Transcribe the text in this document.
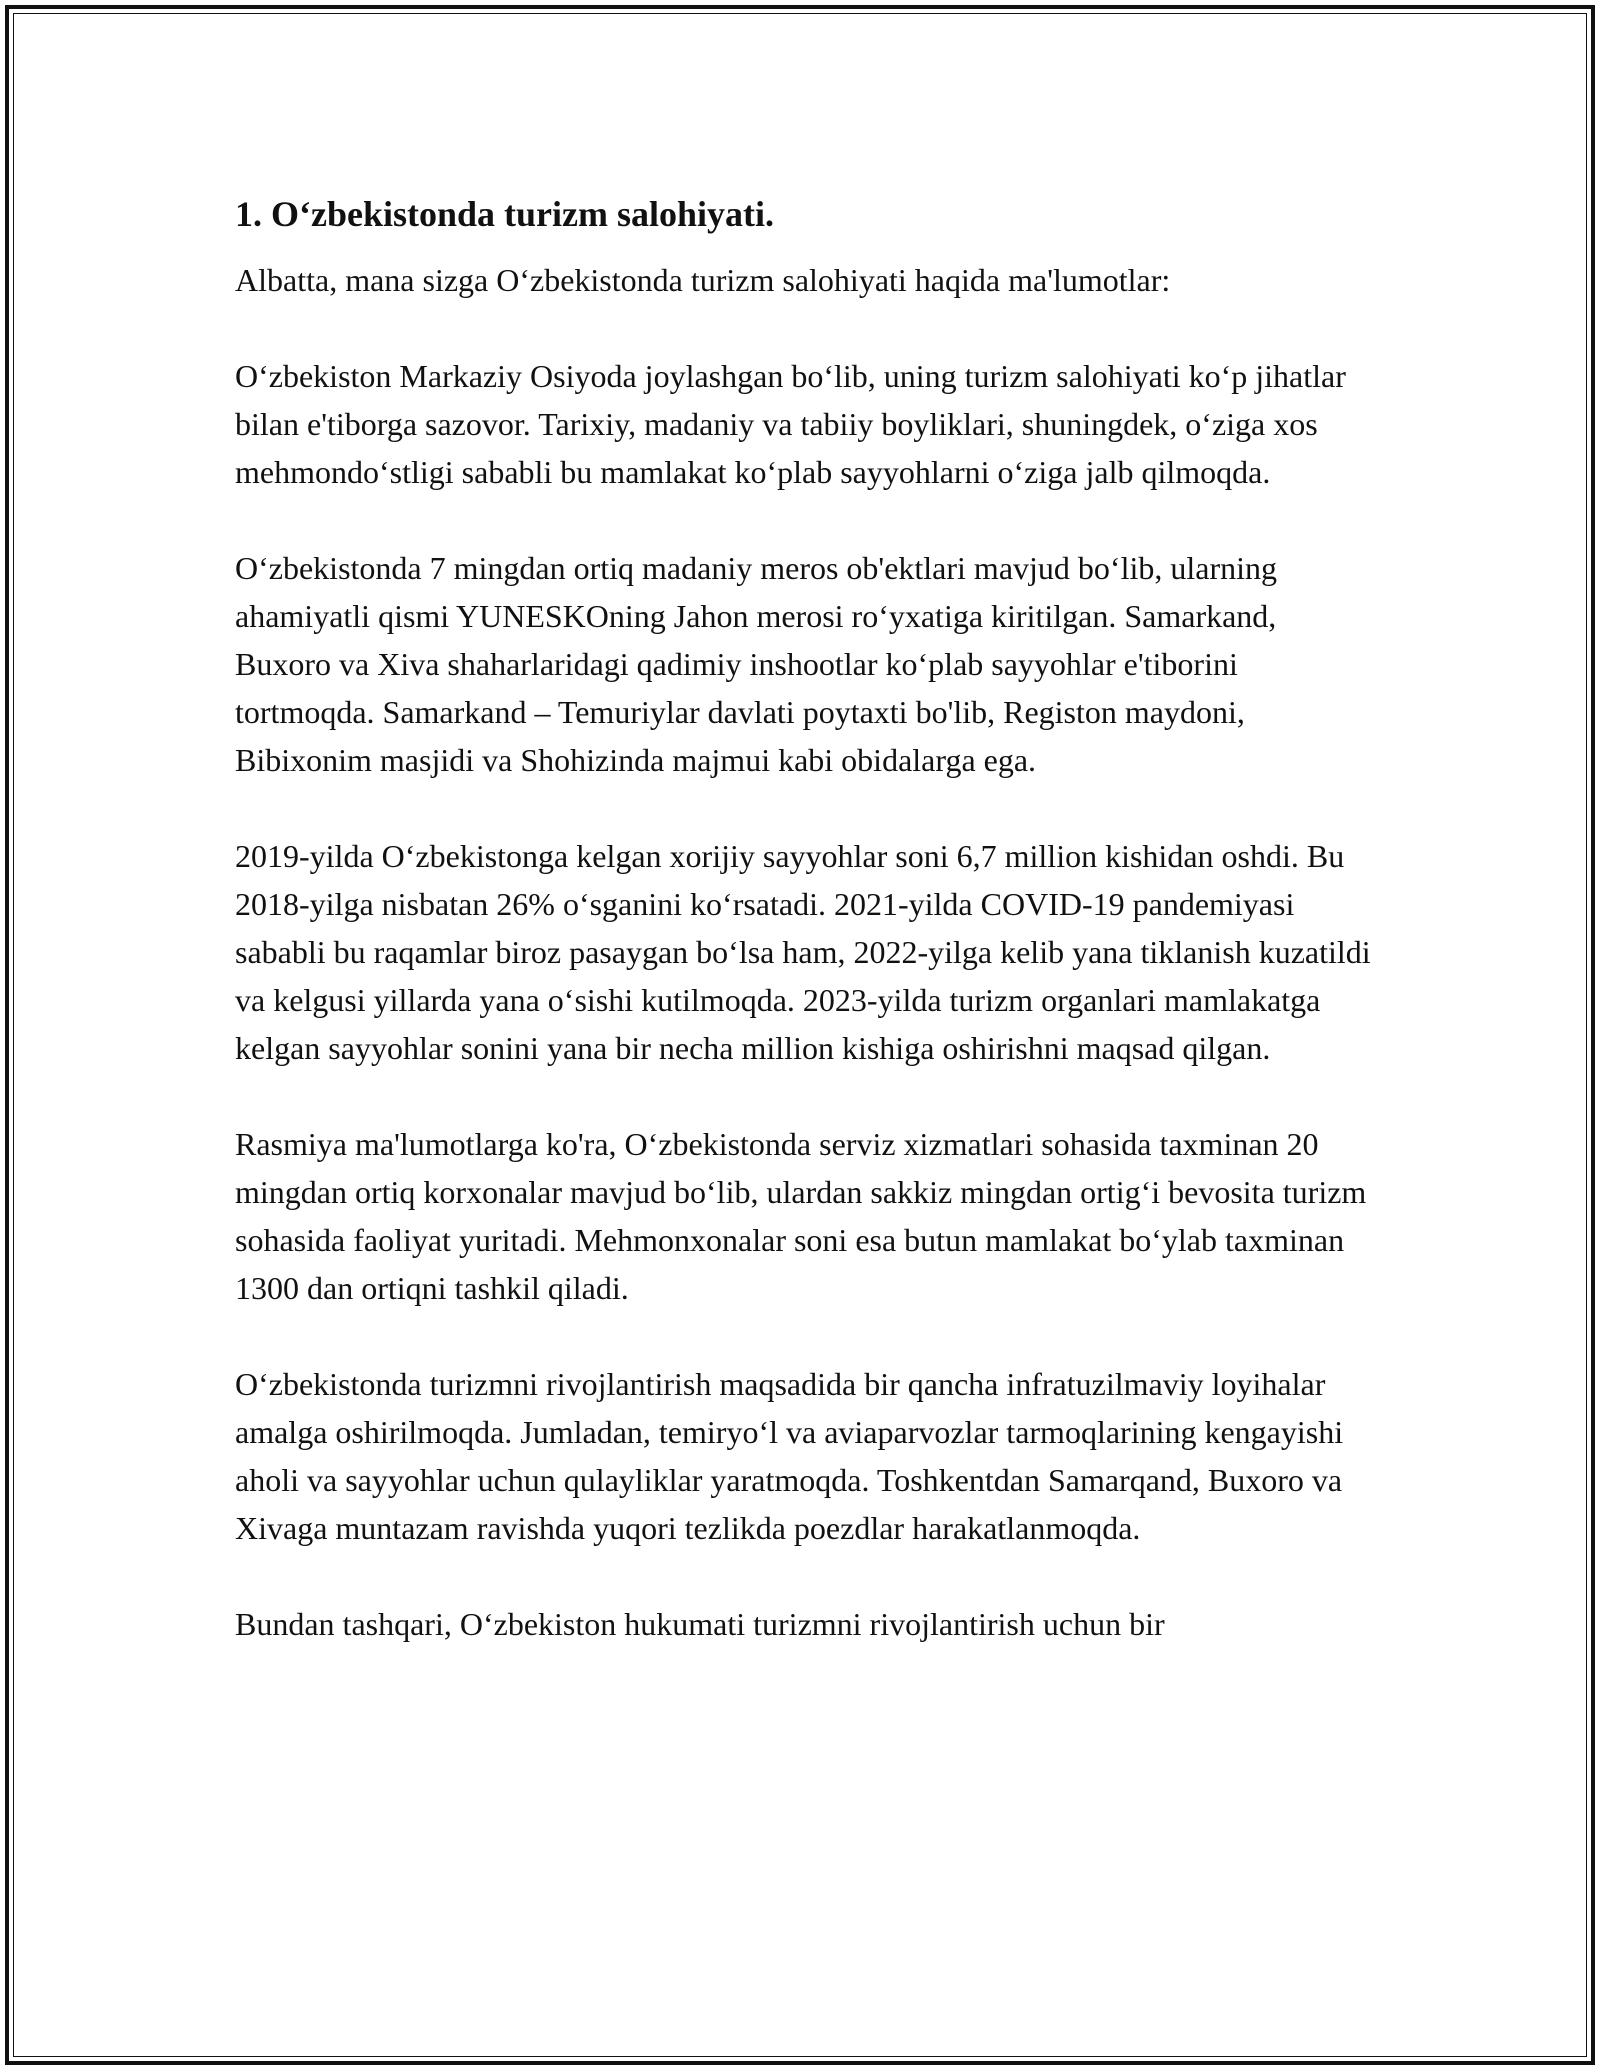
1. O‘zbekistonda turizm salohiyati.

Albatta, mana sizga O‘zbekistonda turizm salohiyati haqida ma'lumotlar:

O‘zbekiston Markaziy Osiyoda joylashgan bo‘lib, uning turizm salohiyati ko‘p jihatlar bilan e'tiborga sazovor. Tarixiy, madaniy va tabiiy boyliklari, shuningdek, o‘ziga xos mehmondo‘stligi sababli bu mamlakat ko‘plab sayyohlarni o‘ziga jalb qilmoqda.

O‘zbekistonda 7 mingdan ortiq madaniy meros ob'ektlari mavjud bo‘lib, ularning ahamiyatli qismi YUNESKOning Jahon merosi ro‘yxatiga kiritilgan. Samarkand, Buxoro va Xiva shaharlaridagi qadimiy inshootlar ko‘plab sayyohlar e'tiborini tortmoqda. Samarkand – Temuriylar davlati poytaxti bo'lib, Registon maydoni, Bibixonim masjidi va Shohizinda majmui kabi obidalarga ega.

2019-yilda O‘zbekistonga kelgan xorijiy sayyohlar soni 6,7 million kishidan oshdi. Bu 2018-yilga nisbatan 26% o‘sganini ko‘rsatadi. 2021-yilda COVID-19 pandemiyasi sababli bu raqamlar biroz pasaygan bo‘lsa ham, 2022-yilga kelib yana tiklanish kuzatildi va kelgusi yillarda yana o‘sishi kutilmoqda. 2023-yilda turizm organlari mamlakatga kelgan sayyohlar sonini yana bir necha million kishiga oshirishni maqsad qilgan.

Rasmiya ma'lumotlarga ko'ra, O‘zbekistonda serviz xizmatlari sohasida taxminan 20 mingdan ortiq korxonalar mavjud bo‘lib, ulardan sakkiz mingdan ortig‘i bevosita turizm sohasida faoliyat yuritadi. Mehmonxonalar soni esa butun mamlakat bo‘ylab taxminan 1300 dan ortiqni tashkil qiladi.

O‘zbekistonda turizmni rivojlantirish maqsadida bir qancha infratuzilmaviy loyihalar amalga oshirilmoqda. Jumladan, temiryo‘l va aviaparvozlar tarmoqlarining kengayishi aholi va sayyohlar uchun qulayliklar yaratmoqda. Toshkentdan Samarqand, Buxoro va Xivaga muntazam ravishda yuqori tezlikda poezdlar harakatlanmoqda.

Bundan tashqari, O‘zbekiston hukumati turizmni rivojlantirish uchun bir
